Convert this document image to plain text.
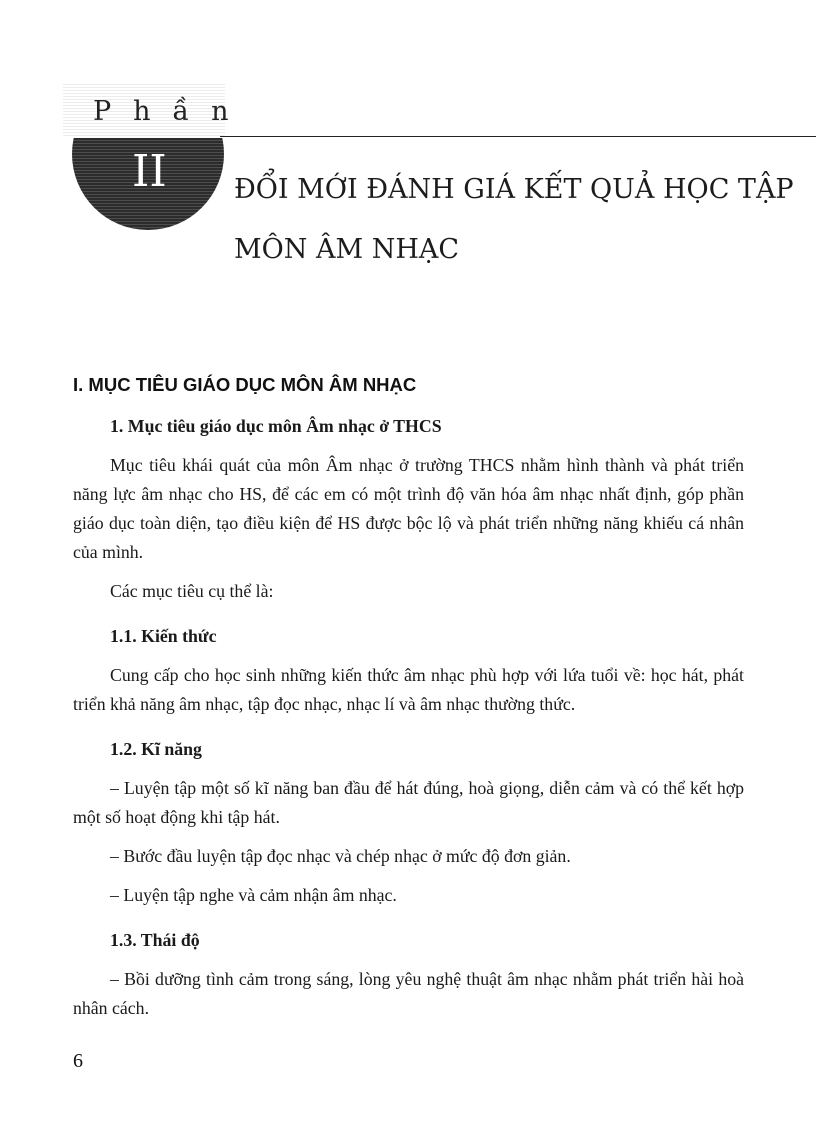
Phần
II ĐỔI MỚI ĐÁNH GIÁ KẾT QUẢ HỌC TẬP
MÔN ÂM NHẠC
I. MỤC TIÊU GIÁO DỤC MÔN ÂM NHẠC

1. Mục tiêu giáo dục môn Âm nhạc ở THCS

Mục tiêu khái quát của môn Âm nhạc ở trường THCS nhằm hình thành và phát triển năng lực âm nhạc cho HS, để các em có một trình độ văn hóa âm nhạc nhất định, góp phần giáo dục toàn diện, tạo điều kiện để HS được bộc lộ và phát triển những năng khiếu cá nhân của mình.

Các mục tiêu cụ thể là:

1.1. Kiến thức

Cung cấp cho học sinh những kiến thức âm nhạc phù hợp với lứa tuổi về: học hát, phát triển khả năng âm nhạc, tập đọc nhạc, nhạc lí và âm nhạc thường thức.

1.2. Kĩ năng

– Luyện tập một số kĩ năng ban đầu để hát đúng, hoà giọng, diễn cảm và có thể kết hợp một số hoạt động khi tập hát.

– Bước đầu luyện tập đọc nhạc và chép nhạc ở mức độ đơn giản.

– Luyện tập nghe và cảm nhận âm nhạc.

1.3. Thái độ

– Bồi dưỡng tình cảm trong sáng, lòng yêu nghệ thuật âm nhạc nhằm phát triển hài hoà nhân cách.

6
